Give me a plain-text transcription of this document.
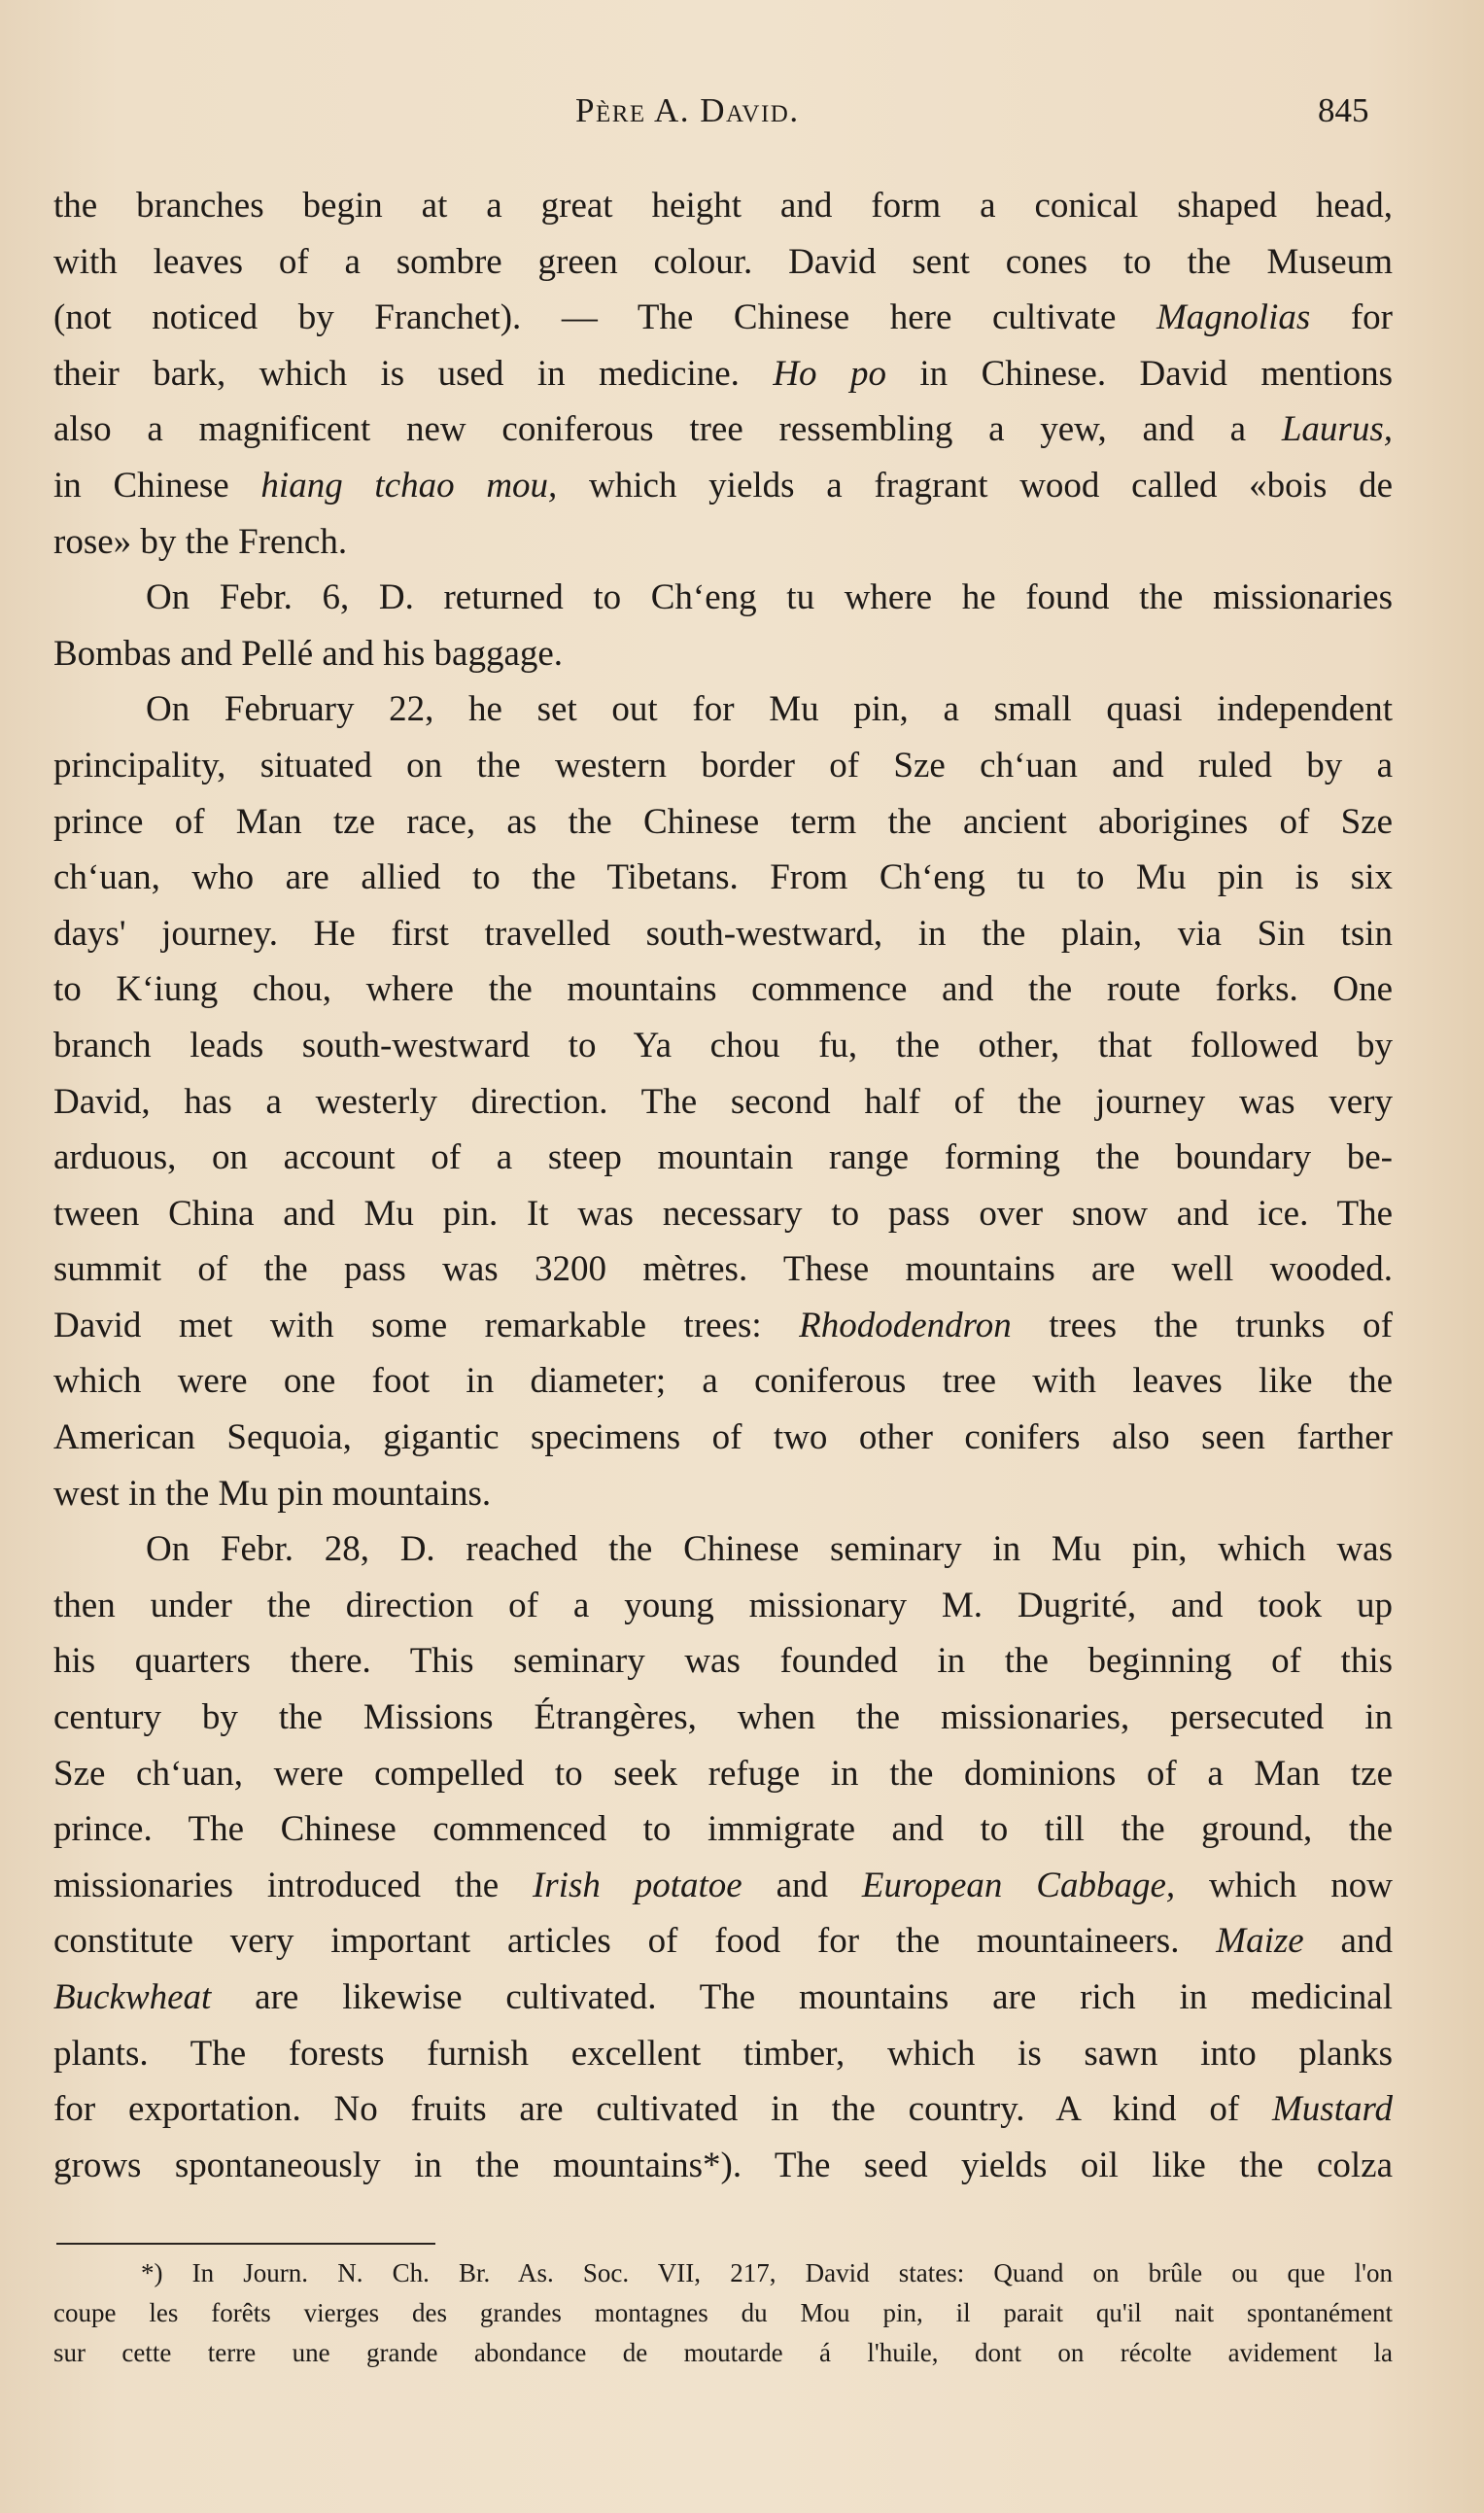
Père A. David.	845
the branches begin at a great height and form a conical shaped head,
with leaves of a sombre green colour. David sent cones to the Museum
(not noticed by Franchet). — The Chinese here cultivate Magnolias for
their bark, which is used in medicine. Ho po in Chinese. David mentions
also a magnificent new coniferous tree ressembling a yew, and a Laurus,
in Chinese hiang tchao mou, which yields a fragrant wood called «bois de
rose» by the French.
On Febr. 6, D. returned to Chʻeng tu where he found the missionaries
Bombas and Pellé and his baggage.
On February 22, he set out for Mu pin, a small quasi independent
principality, situated on the western border of Sze chʻuan and ruled by a
prince of Man tze race, as the Chinese term the ancient aborigines of Sze
chʻuan, who are allied to the Tibetans. From Chʻeng tu to Mu pin is six
days' journey. He first travelled south-westward, in the plain, via Sin tsin
to Kʻiung chou, where the mountains commence and the route forks. One
branch leads south-westward to Ya chou fu, the other, that followed by
David, has a westerly direction. The second half of the journey was very
arduous, on account of a steep mountain range forming the boundary be-
tween China and Mu pin. It was necessary to pass over snow and ice. The
summit of the pass was 3200 mètres. These mountains are well wooded.
David met with some remarkable trees: Rhododendron trees the trunks of
which were one foot in diameter; a coniferous tree with leaves like the
American Sequoia, gigantic specimens of two other conifers also seen farther
west in the Mu pin mountains.
On Febr. 28, D. reached the Chinese seminary in Mu pin, which was
then under the direction of a young missionary M. Dugrité, and took up
his quarters there. This seminary was founded in the beginning of this
century by the Missions Étrangères, when the missionaries, persecuted in
Sze chʻuan, were compelled to seek refuge in the dominions of a Man tze
prince. The Chinese commenced to immigrate and to till the ground, the
missionaries introduced the Irish potatoe and European Cabbage, which now
constitute very important articles of food for the mountaineers. Maize and
Buckwheat are likewise cultivated. The mountains are rich in medicinal
plants. The forests furnish excellent timber, which is sawn into planks
for exportation. No fruits are cultivated in the country. A kind of Mustard
grows spontaneously in the mountains*). The seed yields oil like the colza
*) In Journ. N. Ch. Br. As. Soc. VII, 217, David states: Quand on brûle ou que l'on
coupe les forêts vierges des grandes montagnes du Mou pin, il parait qu'il nait spontanément
sur cette terre une grande abondance de moutarde á l'huile, dont on récolte avidement la
